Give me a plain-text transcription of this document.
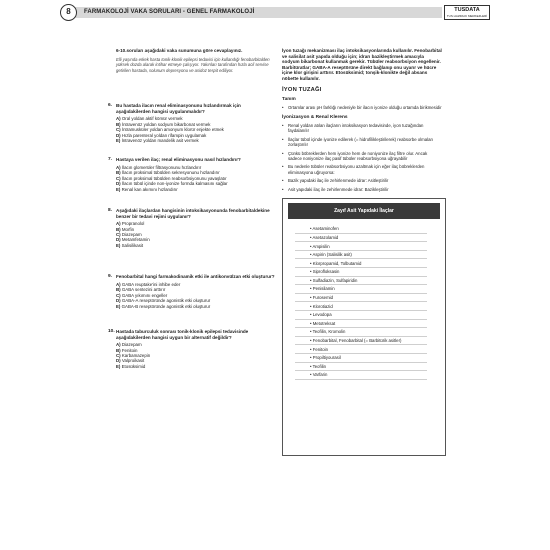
8	FARMAKOLOJİ VAKA SORULARI - GENEL FARMAKOLOJİ	TUSDATA
TUS HAZIRLIK MERKEZLERİ
6-10.soruları aşağıdaki vaka sunumuna göre cevaplayınız.
Elli yaşında erkek hasta tonik-klonik epilepsi tedavisi için kullandığı fenobarbitalden yüksek dozda alarak intihar etmeye çalışıyor. Yakınları tarafından hızla acil servise getirilen hastada, solunum depresyonu ve asidoz tespit ediliyor.
6. Bu hastada ilacın renal eliminasyonunu hızlandırmak için aşağıdakilerden hangisi uygulanmalıdır?
A) Oral yoldan aktif kömür vermek
B) İntravenöz yoldan sodyum bikarbonat vermek
C) İntramusküler yoldan amonyum klorür enjekte etmek
D) Hızla parenteral yoldan rifampin uygulamak
E) İntravenöz yoldan mandelik asit vermek
7. Hastaya verilen ilaç; renal eliminasyonu nasıl hızlandırır?
A) İlacın glomerüler filtrasyonunu hızlandırır
B) İlacın proksimal tübülden sekresyonunu hızlandırır
C) İlacın proksimal tübülden reabsorbsiyonunu yavaşlatır
D) İlacın tübül içinde non-iyonize formda kalmasını sağlar
E) Renal kan akımını hızlandırır
8. Aşağıdaki ilaçlardan hangisinin intoksikasyonunda fenobarbitaldekine benzer bir tedavi rejimi uygulanır?
A) Propranolol
B) Morfin
C) Diazepam
D) Metamfetamin
E) Salisilikasit
9. Fenobarbital hangi farmakodinamik etki ile antikonvülzan etki oluşturur?
A) GABA reuptake'ini inhibe eder
B) GABA sentezini arttırır
C) GABA yıkımını engeller
D) GABA-A reseptöründe agonistik etki oluşturur
E) GABA-B reseptöründe agonistik etki oluşturur
10. Hastada taburculuk sonrası tonik-klonik epilepsi tedavisinde aşağıdakilerden hangisi uygun bir alternatif değildir?
A) Diazepam
B) Fenitoin
C) Karbamazepin
D) Valproikasit
E) Etosüksimid
İyon tuzağı mekanizması ilaç intoksikasyonlarında kullanılır. Fenobarbital ve salisilat asit yapıda olduğu için; idrarı bazikleştirmek amacıyla sodyum bikarbonat kullanmak gerekir. Tübüler reabsorbsiyon engellenir. Barbitüratlar; GABA-A reseptörüne direkt bağlanıp onu uyarır ve hücre içine klor girişini arttırır. Etosüksimid; tonşik-klonikte değil absans nöbette kullanılır.
İYON TUZAĞI
Tanım
• Ortamlar arası pH farklığı nedeniyle bir ilacın iyonize olduğu ortamda birikmesidir
İyonizasyon & Renal Klerens
• Renal yoldan atılan ilaçların intoksikasyon tedavisinde, iyon tuzağından faydalanılır
• İlaçlar tübül içinde iyonize edilerek (= hidrofilikleştirilerek) reabsorbe olmaları zorlaştırılır
• Çünkü böbreklerden hem iyonize hem de noniyonize ilaç filtre olur. Ancak sadece noniyonize ilaç pasif tübüler reabsorbsiyona uğrayabilir
• Bu nedenle tübüler reabsorbsiyonu azaltmak için eğer ilaç böbreklerden eliminasyona uğruyorsa:
• Bazik yapıdaki ilaç ile zehirlenmede idrar: Asitleştirilir
• Asit yapıdaki ilaç ile zehirlenmede idrar: Bazikleştirilir
Zayıf Asit Yapıdaki İlaçlar
• Asetaminofen
• Asetazolamid
• Ampisilin
• Aspirin (Salisilik asit)
• Klorpropamid, Tolbutamid
• Siprofloksasin
• Sulfadiazin, Sulfapiridin
• Penisilamin
• Furosemid
• Klorotiazid
• Levodopa
• Metotreksat
• Teofilin, Kromolin
• Fenobarbital, Fenobarbital (= Barbitürik asitler)
• Fenitoin
• Propiltiyourasil
• Teofilin
• Varfarin
